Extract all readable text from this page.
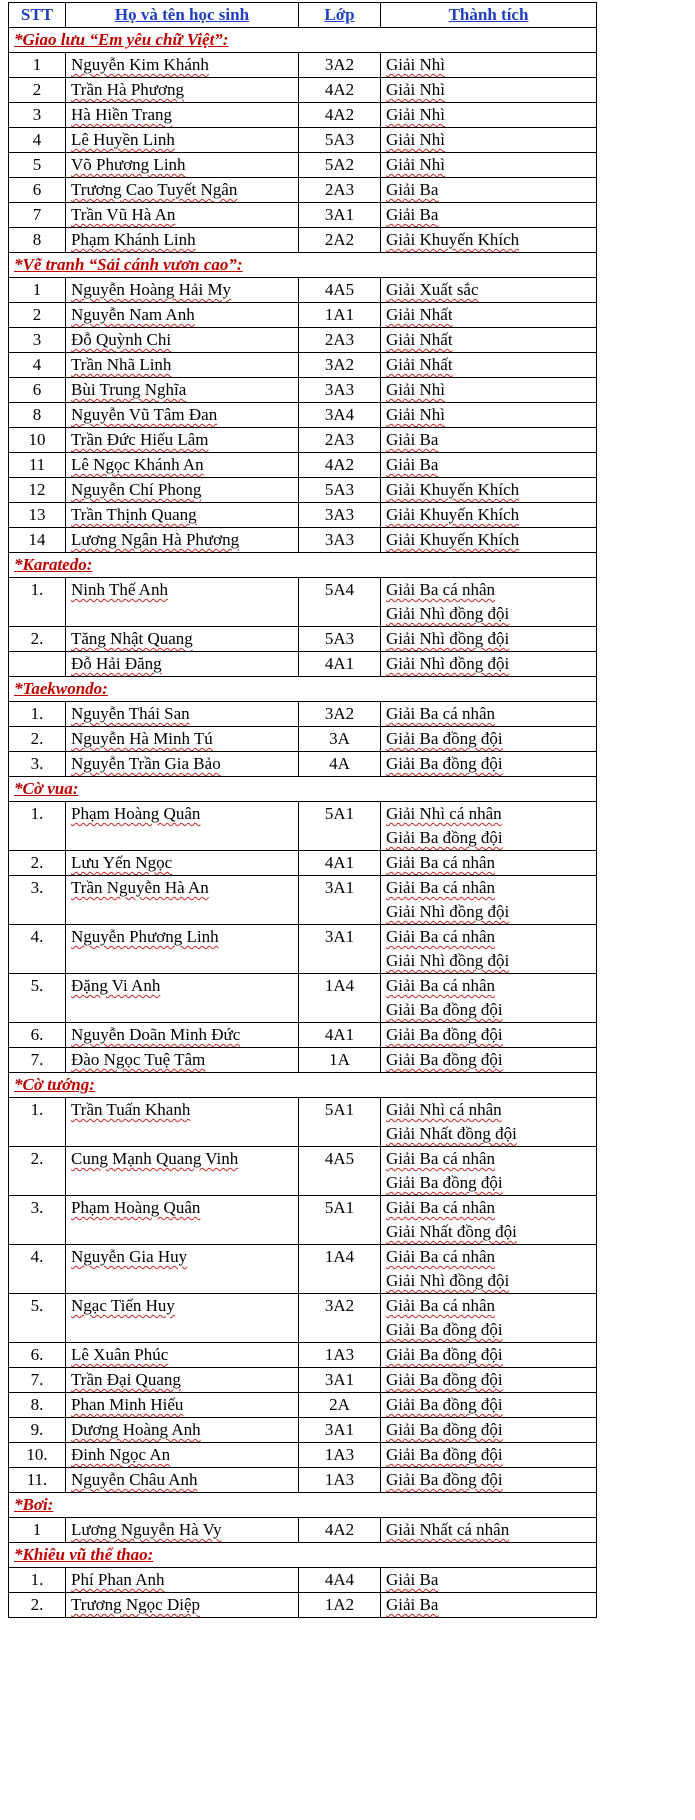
STT	Họ và tên học sinh	Lớp	Thành tích
*Giao lưu “Em yêu chữ Việt”:			
1	Nguyễn Kim Khánh	3A2	Giải Nhì

2	Trần Hà Phương	4A2	Giải Nhì

3	Hà Hiền Trang	4A2	Giải Nhì

4	Lê Huyền Linh	5A3	Giải Nhì

5	Võ Phương Linh	5A2	Giải Nhì

6	Trương Cao Tuyết Ngân	2A3	Giải Ba

7	Trần Vũ Hà An	3A1	Giải Ba

8	Phạm Khánh Linh	2A2	Giải Khuyến Khích

*Vẽ tranh “Sải cánh vươn cao”:			
1	Nguyễn Hoàng Hải My	4A5	Giải Xuất sắc

2	Nguyễn Nam Anh	1A1	Giải Nhất

3	Đỗ Quỳnh Chi	2A3	Giải Nhất

4	Trần Nhã Linh	3A2	Giải Nhất

6	Bùi Trung Nghĩa	3A3	Giải Nhì

8	Nguyễn Vũ Tâm Đan	3A4	Giải Nhì

10	Trần Đức Hiếu Lâm	2A3	Giải Ba

11	Lê Ngọc Khánh An	4A2	Giải Ba

12	Nguyễn Chí Phong	5A3	Giải Khuyến Khích

13	Trần Thịnh Quang	3A3	Giải Khuyến Khích

14	Lương Ngân Hà Phương	3A3	Giải Khuyến Khích

*Karatedo:			
1.	Ninh Thế Anh	5A4	Giải Ba cá nhân
Giải Nhì đồng đội

2.	Tăng Nhật Quang	5A3	Giải Nhì đồng đội

	Đỗ Hải Đăng	4A1	Giải Nhì đồng đội

*Taekwondo:			
1.	Nguyễn Thái San	3A2	Giải Ba cá nhân

2.	Nguyễn Hà Minh Tú	3A	Giải Ba đồng đội

3.	Nguyễn Trần Gia Bảo	4A	Giải Ba đồng đội

*Cờ vua:			
1.	Phạm Hoàng Quân	5A1	Giải Nhì cá nhân
Giải Ba đồng đội

2.	Lưu Yến Ngọc	4A1	Giải Ba cá nhân

3.	Trần Nguyễn Hà An	3A1	Giải Ba cá nhân
Giải Nhì đồng đội

4.	Nguyễn Phương Linh	3A1	Giải Ba cá nhân
Giải Nhì đồng đội

5.	Đặng Vi Anh	1A4	Giải Ba cá nhân
Giải Ba đồng đội

6.	Nguyễn Doãn Minh Đức	4A1	Giải Ba đồng đội

7.	Đào Ngọc Tuệ Tâm	1A	Giải Ba đồng đội

*Cờ tướng:			
1.	Trần Tuấn Khanh	5A1	Giải Nhì cá nhân
Giải Nhất đồng đội

2.	Cung Mạnh Quang Vinh	4A5	Giải Ba cá nhân
Giải Ba đồng đội

3.	Phạm Hoàng Quân	5A1	Giải Ba cá nhân
Giải Nhất đồng đội

4.	Nguyễn Gia Huy	1A4	Giải Ba cá nhân
Giải Nhì đồng đội

5.	Ngạc Tiến Huy	3A2	Giải Ba cá nhân
Giải Ba đồng đội

6.	Lê Xuân Phúc	1A3	Giải Ba đồng đội

7.	Trần Đại Quang	3A1	Giải Ba đồng đội

8.	Phan Minh Hiếu	2A	Giải Ba đồng đội

9.	Dương Hoàng Anh	3A1	Giải Ba đồng đội

10.	Đinh Ngọc An	1A3	Giải Ba đồng đội

11.	Nguyễn Châu Anh	1A3	Giải Ba đồng đội

*Bơi:			
1	Lương Nguyễn Hà Vy	4A2	Giải Nhất cá nhân

*Khiêu vũ thể thao:			
1.	Phí Phan Anh	4A4	Giải Ba

2.	Trương Ngọc Diệp	1A2	Giải Ba
